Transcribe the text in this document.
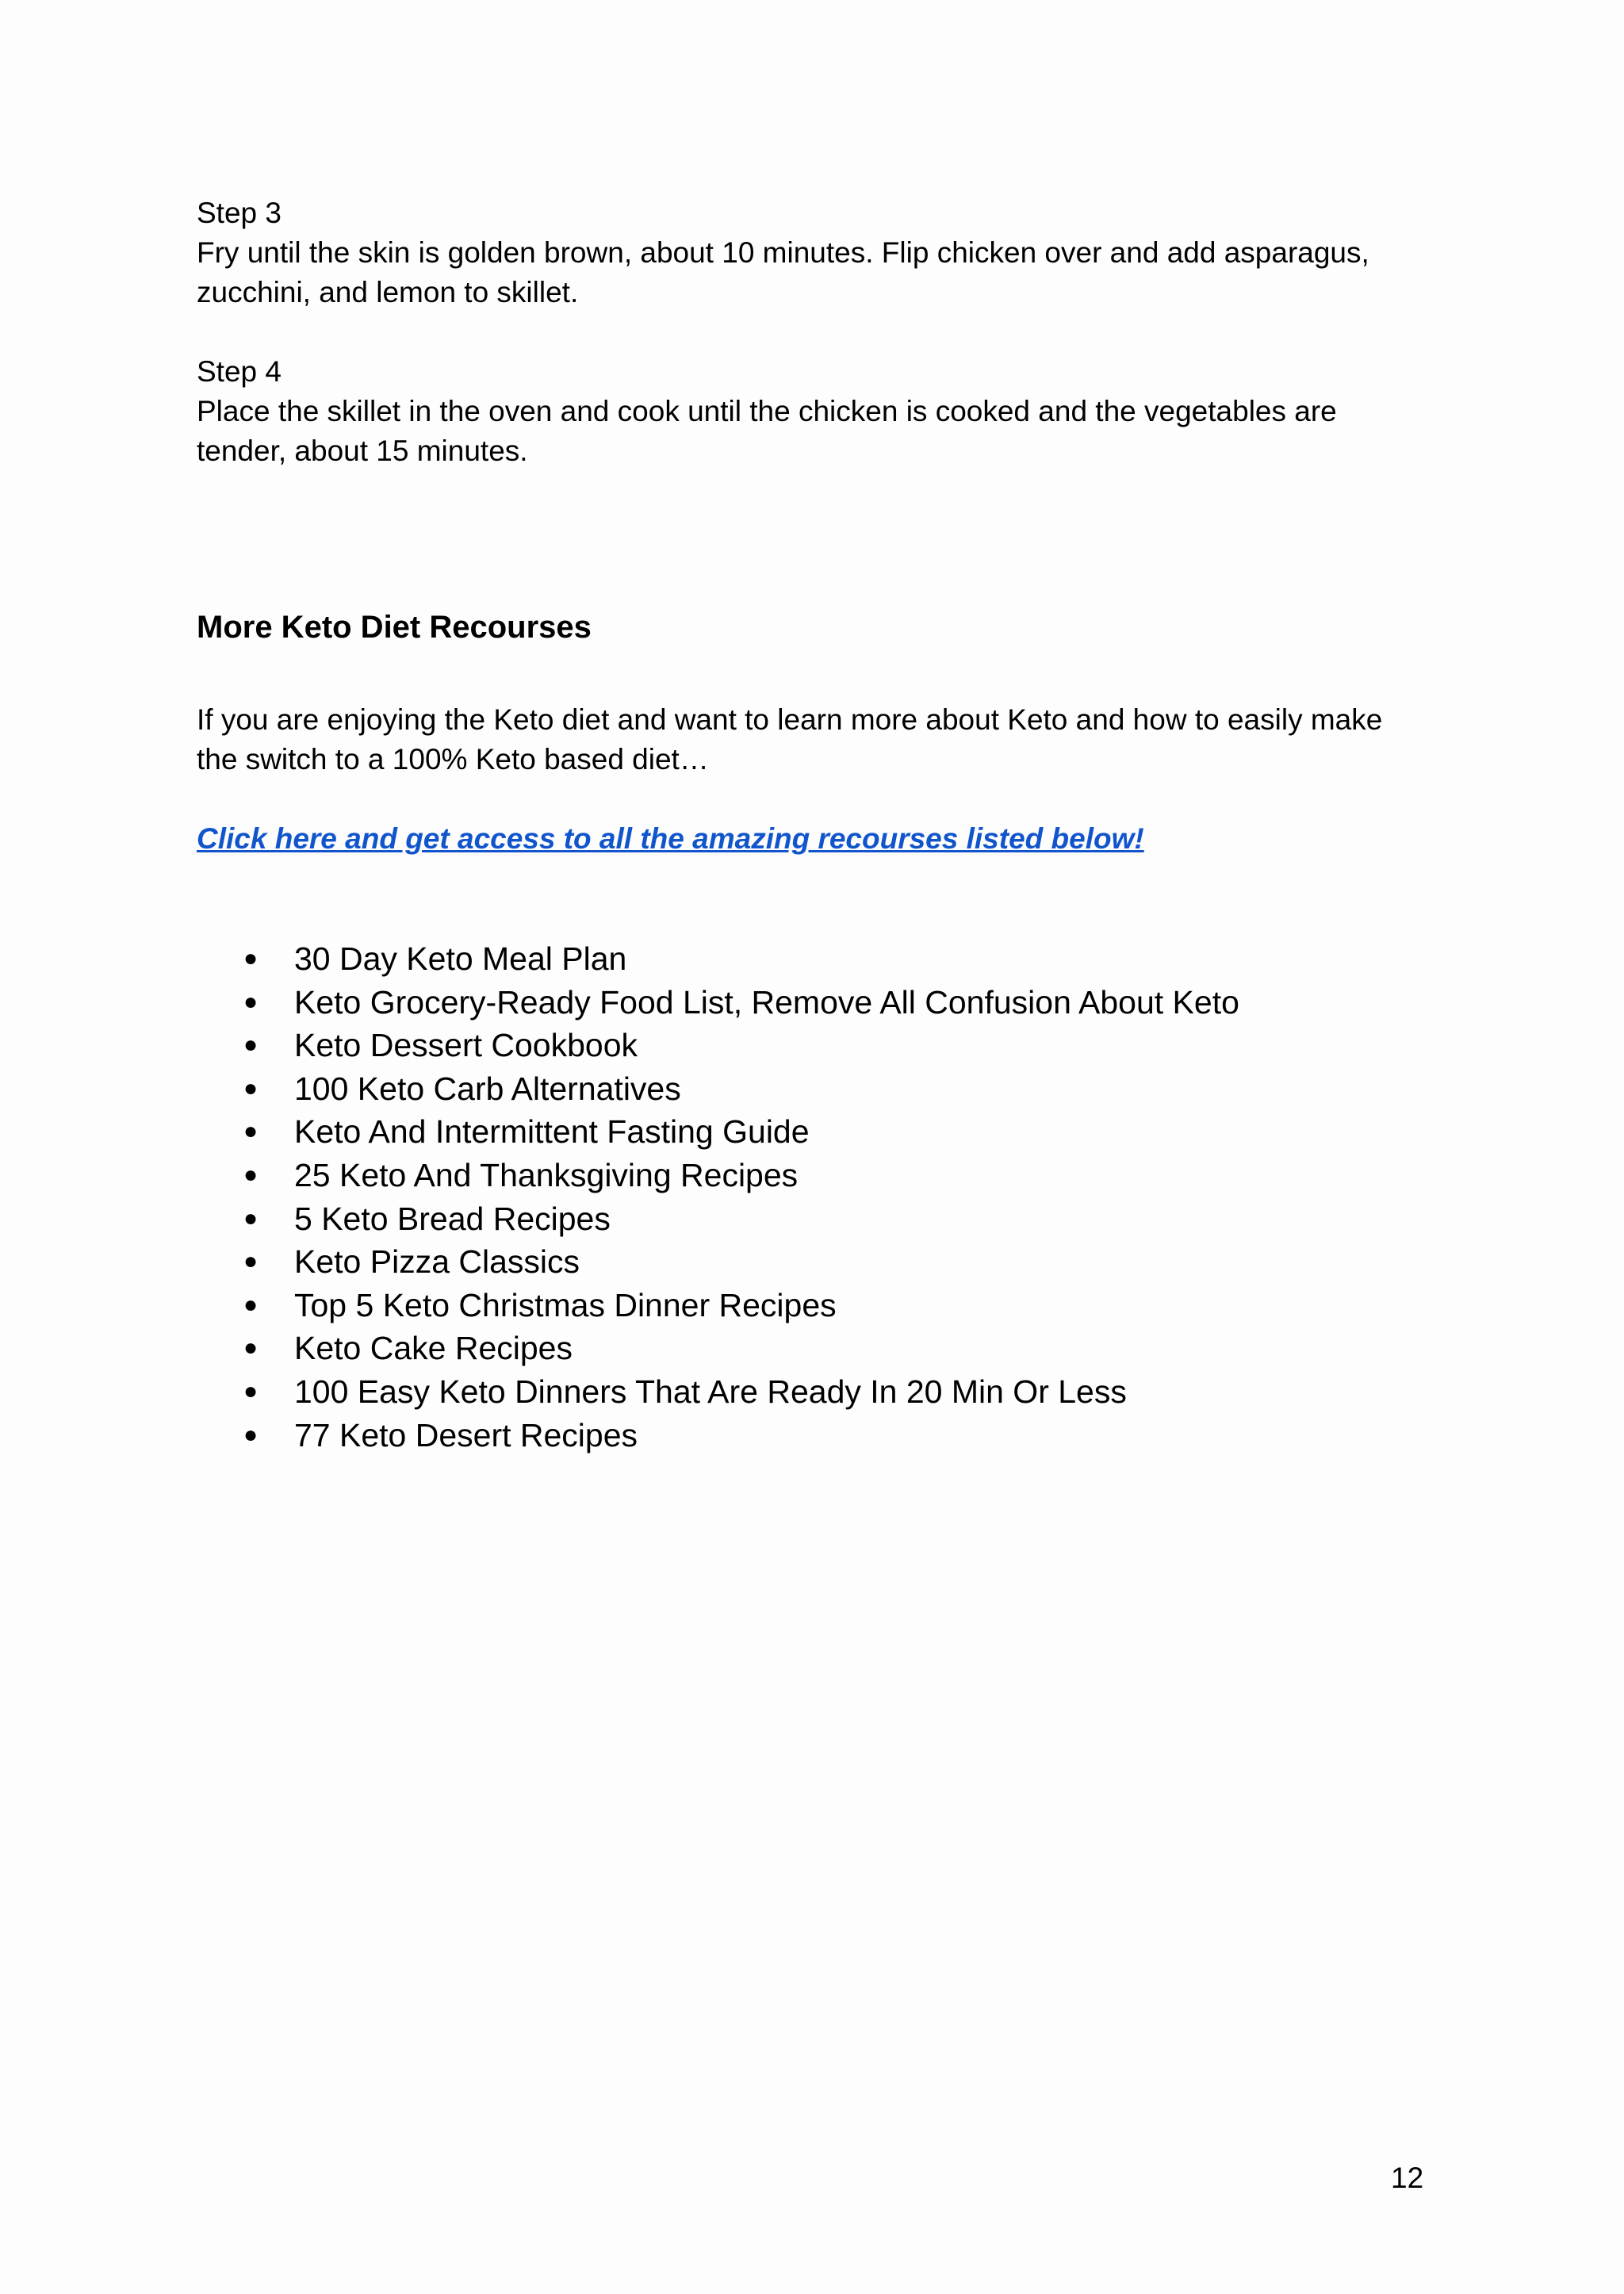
Step 3

Fry until the skin is golden brown, about 10 minutes. Flip chicken over and add asparagus,

zucchini, and lemon to skillet.

Step 4

Place the skillet in the oven and cook until the chicken is cooked and the vegetables are

tender, about 15 minutes.

More Keto Diet Recourses

If you are enjoying the Keto diet and want to learn more about Keto and how to easily make

the switch to a 100% Keto based diet…

Click here and get access to all the amazing recourses listed below!

● 30 Day Keto Meal Plan
● Keto Grocery-Ready Food List, Remove All Confusion About Keto
● Keto Dessert Cookbook
● 100 Keto Carb Alternatives
● Keto And Intermittent Fasting Guide
● 25 Keto And Thanksgiving Recipes
● 5 Keto Bread Recipes
● Keto Pizza Classics
● Top 5 Keto Christmas Dinner Recipes
● Keto Cake Recipes
● 100 Easy Keto Dinners That Are Ready In 20 Min Or Less
● 77 Keto Desert Recipes
12
